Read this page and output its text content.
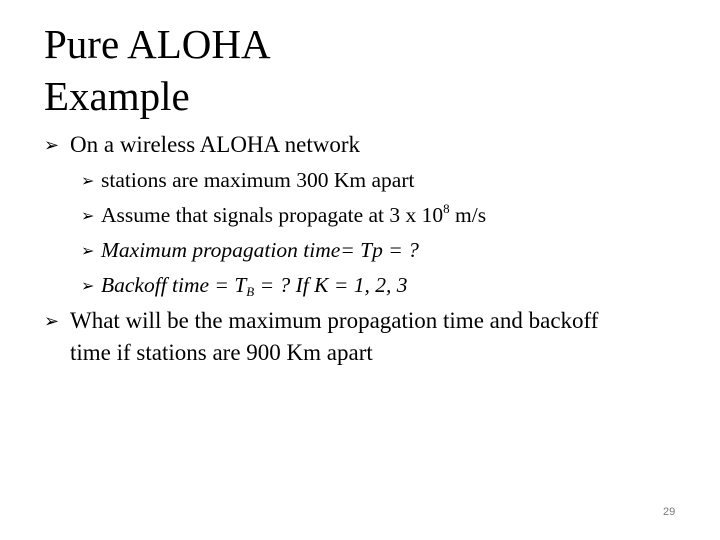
Pure ALOHA
Example
➢ On a wireless ALOHA network
➢ stations are maximum 300 Km apart
➢ Assume that signals propagate at 3 x $10^8$ m/s
➢ Maximum propagation time= Tp = ?
➢ Backoff time = $T_B$ = ? If K = 1, 2, 3
➢ What will be the maximum propagation time and backoff
time if stations are 900 Km apart
29
